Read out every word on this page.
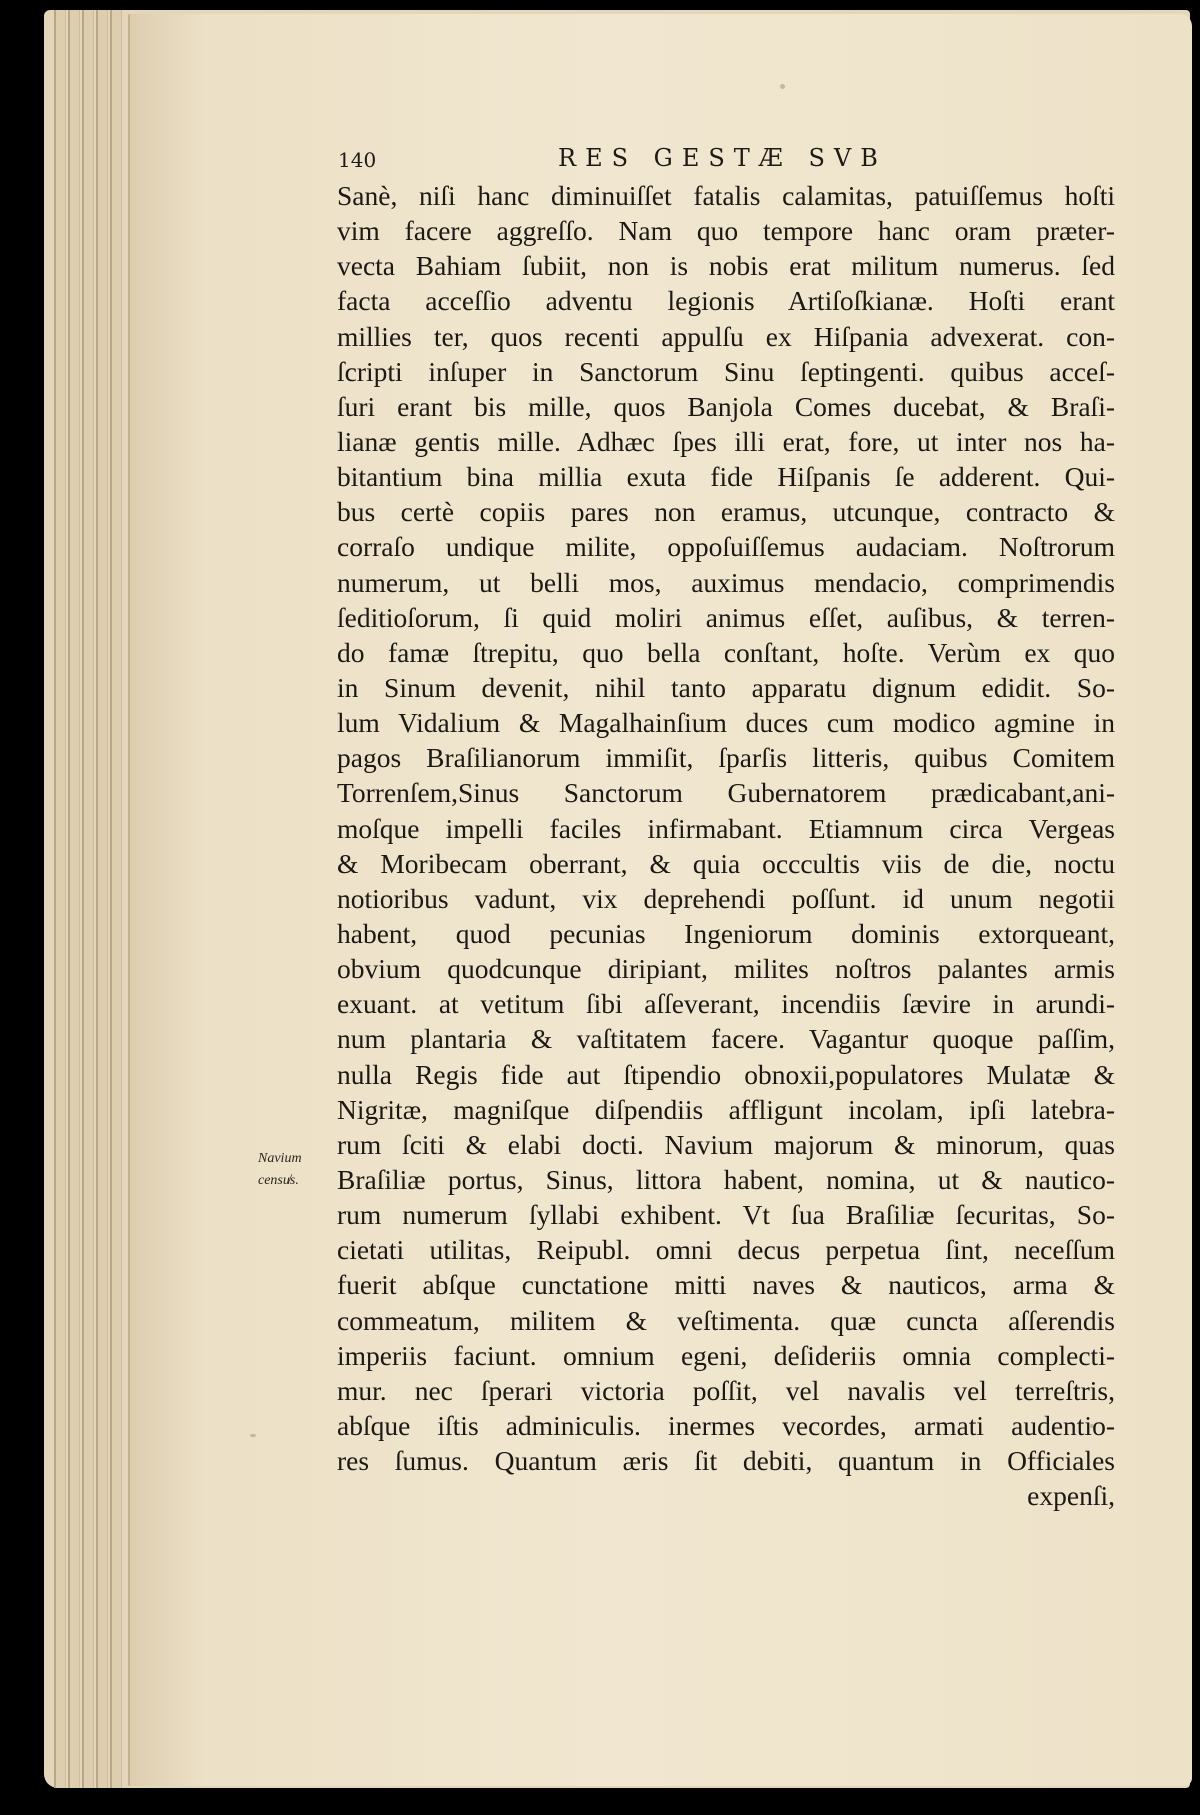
140	RES GESTÆ SVB
Navium
censu̸s.
Sanè, niſi hanc diminuiſſet fatalis calamitas, patuiſſemus hoſti
vim facere aggreſſo. Nam quo tempore hanc oram præter-
vecta Bahiam ſubiit, non is nobis erat militum numerus. ſed
facta acceſſio adventu legionis Artiſoſkianæ. Hoſti erant
millies ter, quos recenti appulſu ex Hiſpania advexerat. con-
ſcripti inſuper in Sanctorum Sinu ſeptingenti. quibus acceſ-
ſuri erant bis mille, quos Banjola Comes ducebat, & Braſi-
lianæ gentis mille. Adhæc ſpes illi erat, fore, ut inter nos ha-
bitantium bina millia exuta fide Hiſpanis ſe adderent. Qui-
bus certè copiis pares non eramus, utcunque, contracto &
corraſo undique milite, oppoſuiſſemus audaciam. Noſtrorum
numerum, ut belli mos, auximus mendacio, comprimendis
ſeditioſorum, ſi quid moliri animus eſſet, auſibus, & terren-
do famæ ſtrepitu, quo bella conſtant, hoſte. Verùm ex quo
in Sinum devenit, nihil tanto apparatu dignum edidit. So-
lum Vidalium & Magalhainſium duces cum modico agmine in
pagos Braſilianorum immiſit, ſparſis litteris, quibus Comitem
Torrenſem,Sinus Sanctorum Gubernatorem prædicabant,ani-
moſque impelli faciles infirmabant. Etiamnum circa Vergeas
& Moribecam oberrant, & quia occcultis viis de die, noctu
notioribus vadunt, vix deprehendi poſſunt. id unum negotii
habent, quod pecunias Ingeniorum dominis extorqueant,
obvium quodcunque diripiant, milites noſtros palantes armis
exuant. at vetitum ſibi aſſeverant, incendiis ſævire in arundi-
num plantaria & vaſtitatem facere. Vagantur quoque paſſim,
nulla Regis fide aut ſtipendio obnoxii,populatores Mulatæ &
Nigritæ, magniſque diſpendiis affligunt incolam, ipſi latebra-
rum ſciti & elabi docti. Navium majorum & minorum, quas
Braſiliæ portus, Sinus, littora habent, nomina, ut & nautico-
rum numerum ſyllabi exhibent. Vt ſua Braſiliæ ſecuritas, So-
cietati utilitas, Reipubl. omni decus perpetua ſint, neceſſum
fuerit abſque cunctatione mitti naves & nauticos, arma &
commeatum, militem & veſtimenta. quæ cuncta aſſerendis
imperiis faciunt. omnium egeni, deſideriis omnia complecti-
mur. nec ſperari victoria poſſit, vel navalis vel terreſtris,
abſque iſtis adminiculis. inermes vecordes, armati audentio-
res ſumus. Quantum æris ſit debiti, quantum in Officiales
expenſi,
